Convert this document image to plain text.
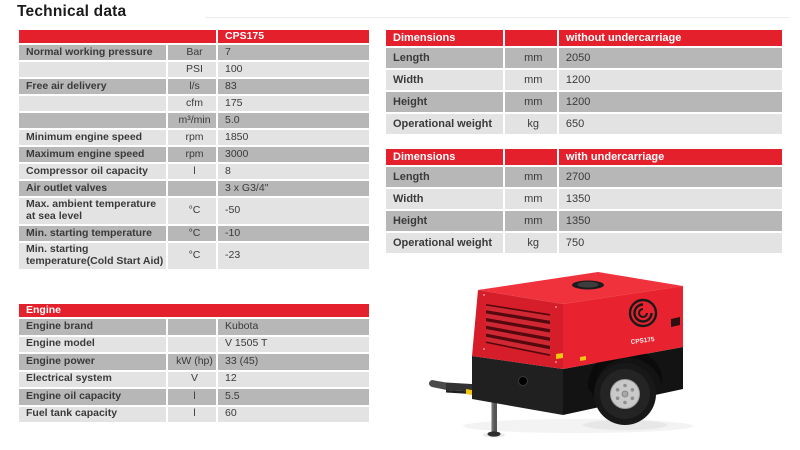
Technical data
		CPS175
Normal working pressure	Bar	7
	PSI	100
Free air delivery	l/s	83
	cfm	175
	m³/min	5.0
Minimum engine speed	rpm	1850
Maximum engine speed	rpm	3000
Compressor oil capacity	l	8
Air outlet valves		3 x G3/4"
Max. ambient temperature at sea level	°C	-50
Min. starting temperature	°C	-10
Min. starting temperature(Cold Start Aid)	°C	-23
Engine		
Engine brand		Kubota
Engine model		V 1505 T
Engine power	kW (hp)	33 (45)
Electrical system	V	12
Engine oil capacity	l	5.5
Fuel tank capacity	l	60
Dimensions		without undercarriage
Length	mm	2050
Width	mm	1200
Height	mm	1200
Operational weight	kg	650
Dimensions		with undercarriage
Length	mm	2700
Width	mm	1350
Height	mm	1350
Operational weight	kg	750
CPS175
